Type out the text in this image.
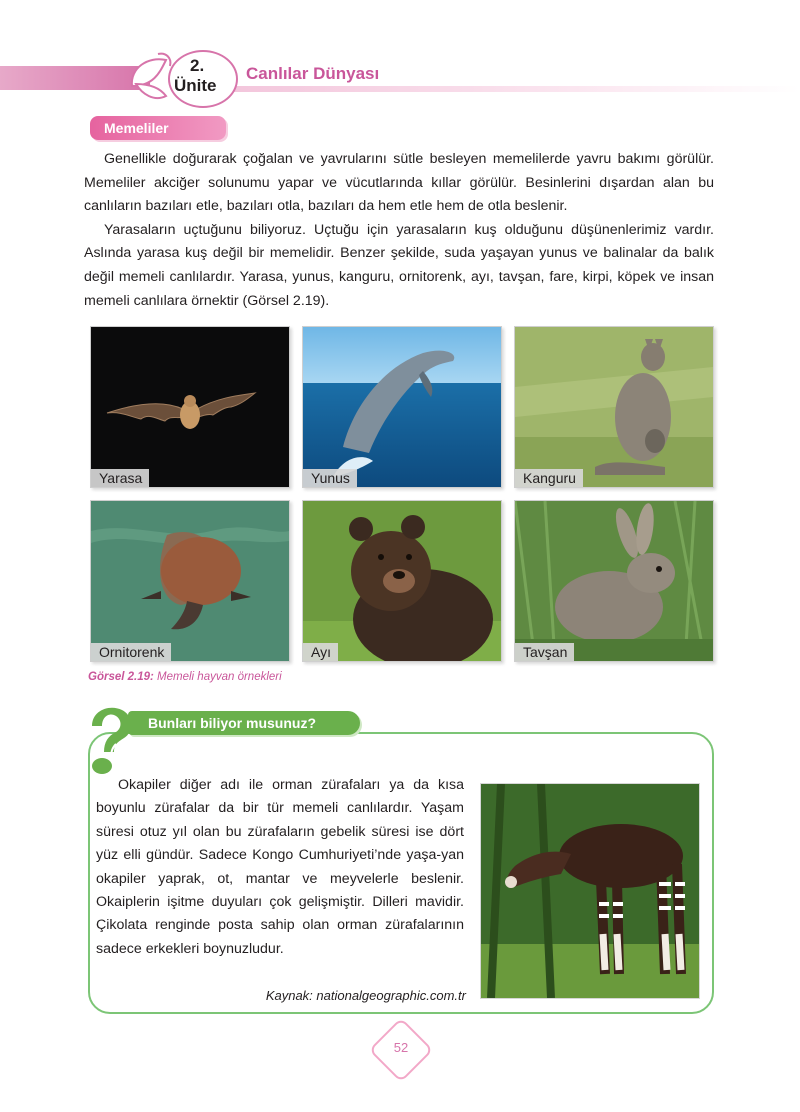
2.
Ünite
Canlılar Dünyası
Memeliler

Genellikle doğurarak çoğalan ve yavrularını sütle besleyen memelilerde yavru bakımı görülür. Memeliler akciğer solunumu yapar ve vücutlarında kıllar görülür. Besinlerini dışardan alan bu canlıların bazıları etle, bazıları otla, bazıları da hem etle hem de otla beslenir.

Yarasaların uçtuğunu biliyoruz. Uçtuğu için yarasaların kuş olduğunu düşünenlerimiz vardır. Aslında yarasa kuş değil bir memelidir. Benzer şekilde, suda yaşayan yunus ve balinalar da balık değil memeli canlılardır. Yarasa, yunus, kanguru, ornitorenk, ayı, tavşan, fare, kirpi, köpek ve insan memeli canlılara örnektir (Görsel 2.19).

Yarasa	Yunus	Kanguru
Ornitorenk	Ayı	Tavşan
Görsel 2.19: Memeli hayvan örnekleri
Bunları biliyor musunuz?

Okapiler diğer adı ile orman zürafaları ya da kısa boyunlu zürafalar da bir tür memeli canlılardır. Yaşam süresi otuz yıl olan bu zürafaların gebelik süresi ise dört yüz elli gündür. Sadece Kongo Cumhuriyeti’nde yaşa-yan okapiler yaprak, ot, mantar ve meyvelerle beslenir. Okaiplerin işitme duyuları çok gelişmiştir. Dilleri mavidir. Çikolata renginde posta sahip olan orman zürafalarının sadece erkekleri boynuzludur.

Kaynak: nationalgeographic.com.tr
52
